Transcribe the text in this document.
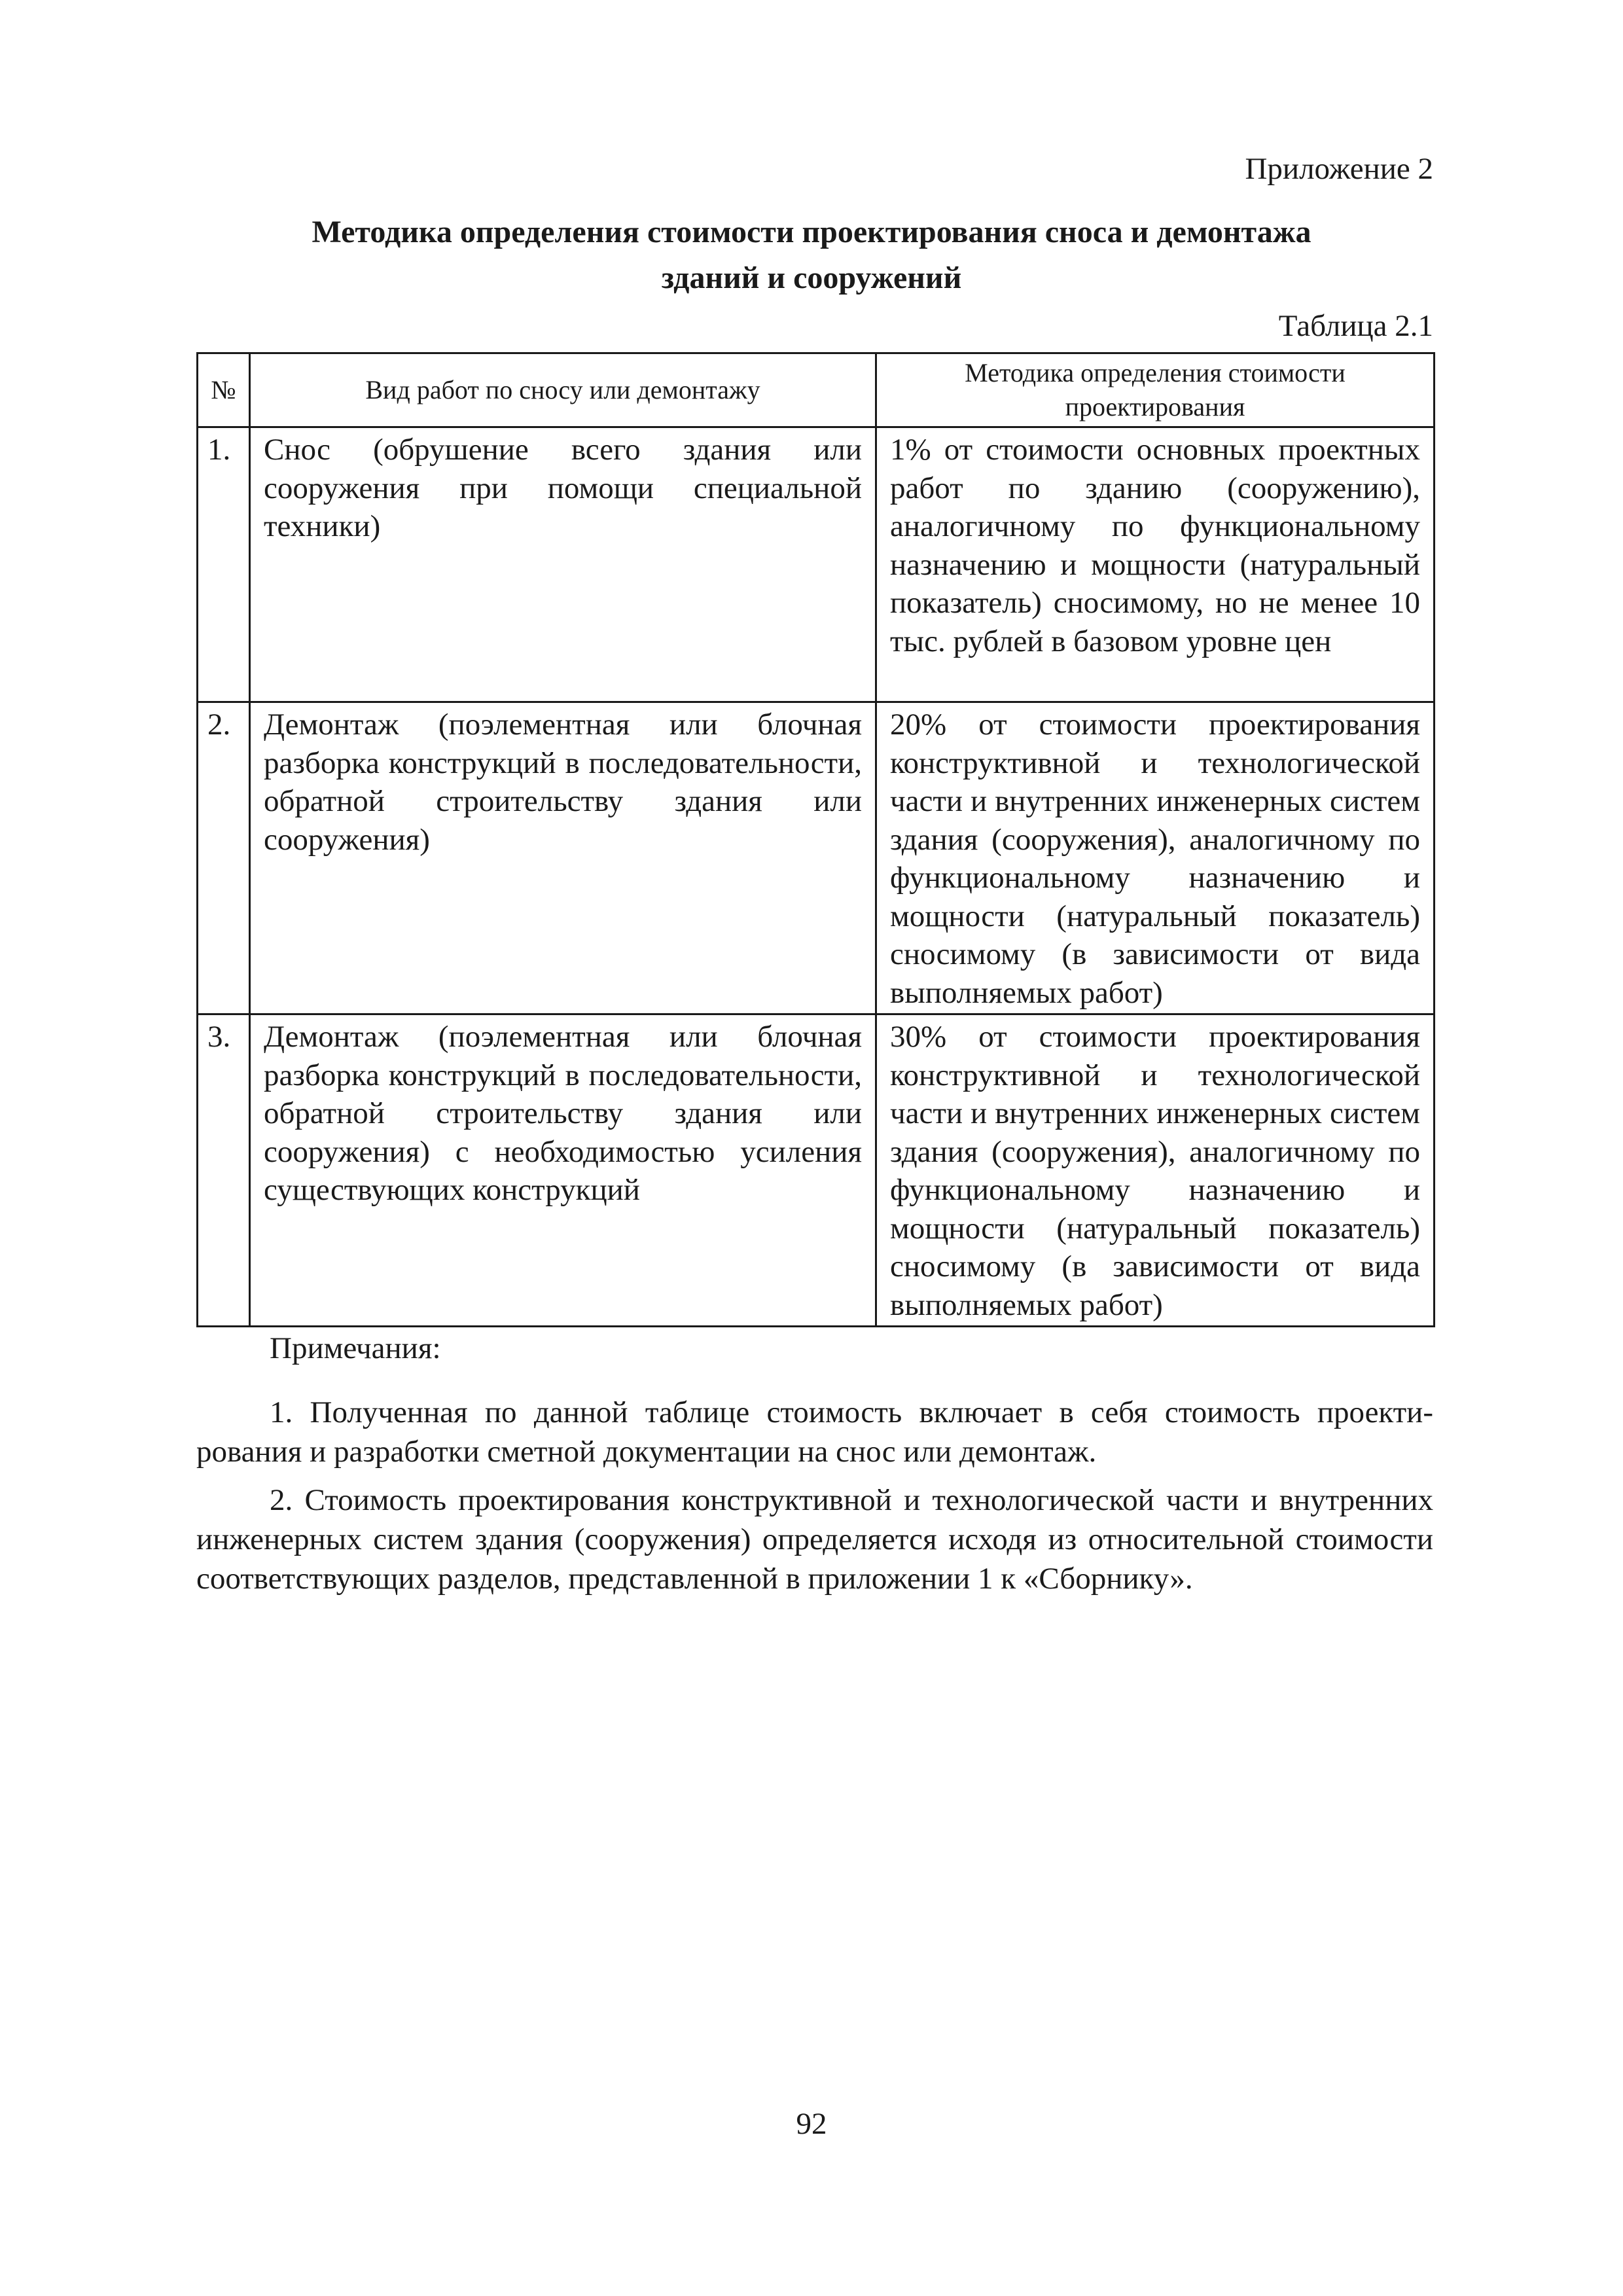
Приложение 2
Методика определения стоимости проектирования сноса и демонтажа
зданий и сооружений
Таблица 2.1
№	Вид работ по сносу или демонтажу	Методика определения стоимости проектирования
1.	Снос (обрушение всего здания или сооружения при помощи специальной техники)	1% от стоимости основных проектных работ по зданию (сооружению), аналогичному по функциональному назначению и мощности (натуральный показатель) сносимому, но не менее 10 тыс. рублей в базовом уровне цен
2.	Демонтаж (поэлементная или блочная разборка конструкций в последовательности, обратной строительству здания или сооружения)	20% от стоимости проектирования конструктивной и технологической части и внутренних инженерных систем здания (сооружения), аналогичному по функциональному назначению и мощности (натуральный показатель) сносимому (в зависимости от вида выполняемых работ)
3.	Демонтаж (поэлементная или блочная разборка конструкций в последовательности, обратной строительству здания или сооружения) с необходимостью усиления существующих конструкций	30% от стоимости проектирования конструктивной и технологической части и внутренних инженерных систем здания (сооружения), аналогичному по функциональному назначению и мощности (натуральный показатель) сносимому (в зависимости от вида выполняемых работ)
Примечания:

1. Полученная по данной таблице стоимость включает в себя стоимость проектирования и разработки сметной документации на снос или демонтаж.

2. Стоимость проектирования конструктивной и технологической части и внутренних инженерных систем здания (сооружения) определяется исходя из относительной стоимости соответствующих разделов, представленной в приложении 1 к «Сборнику».

92
